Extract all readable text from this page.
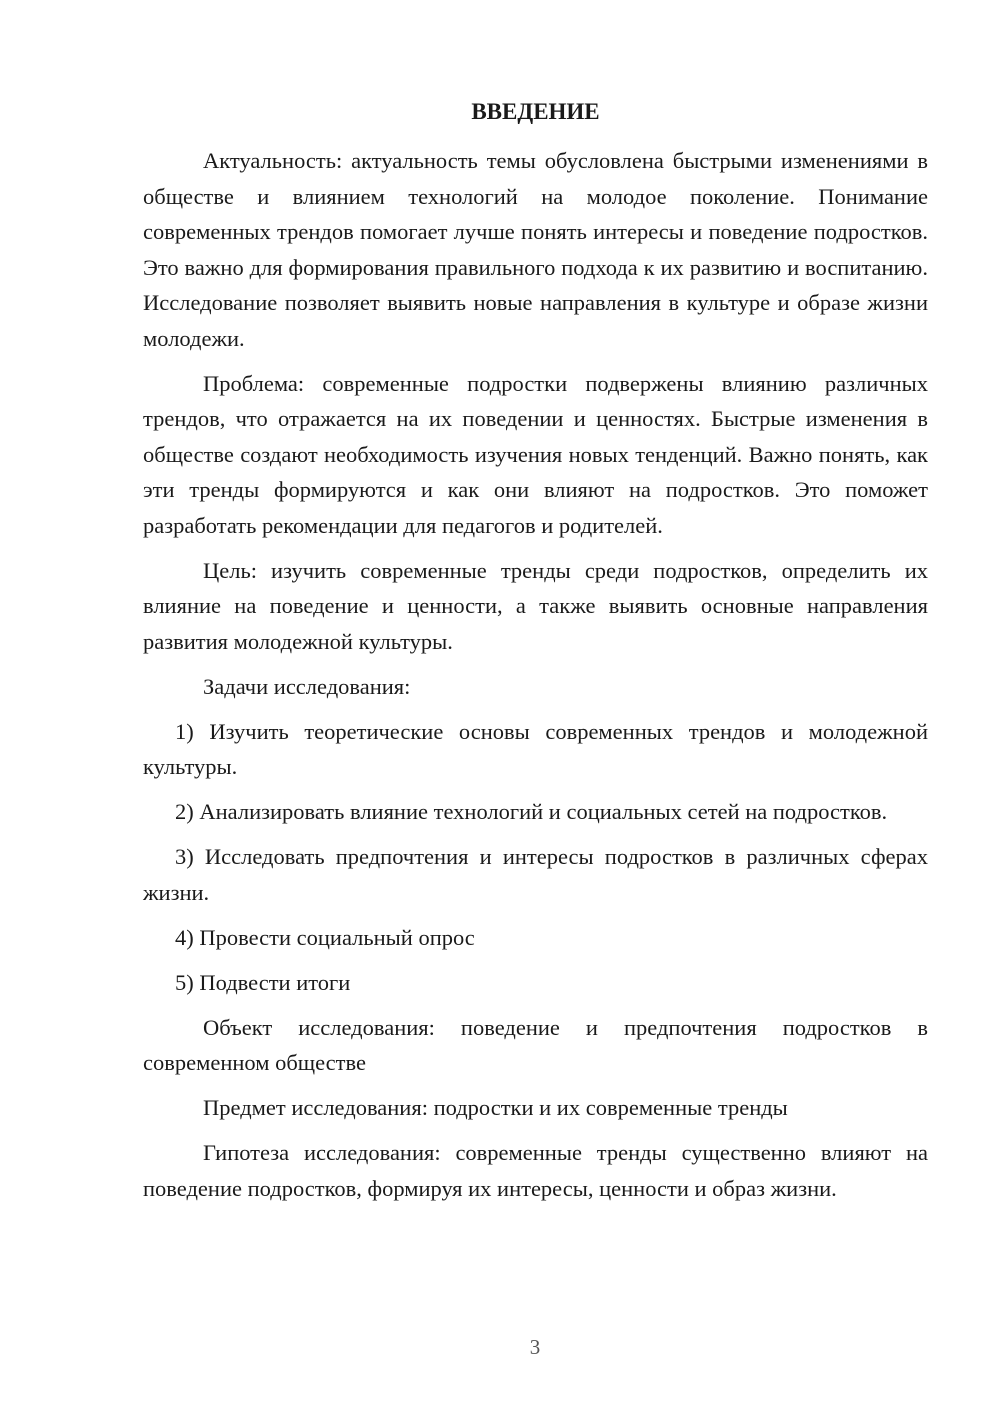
ВВЕДЕНИЕ

Актуальность: актуальность темы обусловлена быстрыми изменениями в обществе и влиянием технологий на молодое поколение. Понимание современных трендов помогает лучше понять интересы и поведение подростков. Это важно для формирования правильного подхода к их развитию и воспитанию. Исследование позволяет выявить новые направления в культуре и образе жизни молодежи.

Проблема: современные подростки подвержены влиянию различных трендов, что отражается на их поведении и ценностях. Быстрые изменения в обществе создают необходимость изучения новых тенденций. Важно понять, как эти тренды формируются и как они влияют на подростков. Это поможет разработать рекомендации для педагогов и родителей.

Цель: изучить современные тренды среди подростков, определить их влияние на поведение и ценности, а также выявить основные направления развития молодежной культуры.

Задачи исследования:

1) Изучить теоретические основы современных трендов и молодежной культуры.

2) Анализировать влияние технологий и социальных сетей на подростков.

3) Исследовать предпочтения и интересы подростков в различных сферах жизни.

4) Провести социальный опрос

5) Подвести итоги

Объект исследования: поведение и предпочтения подростков в современном обществе

Предмет исследования: подростки и их современные тренды

Гипотеза исследования: современные тренды существенно влияют на поведение подростков, формируя их интересы, ценности и образ жизни.

3
